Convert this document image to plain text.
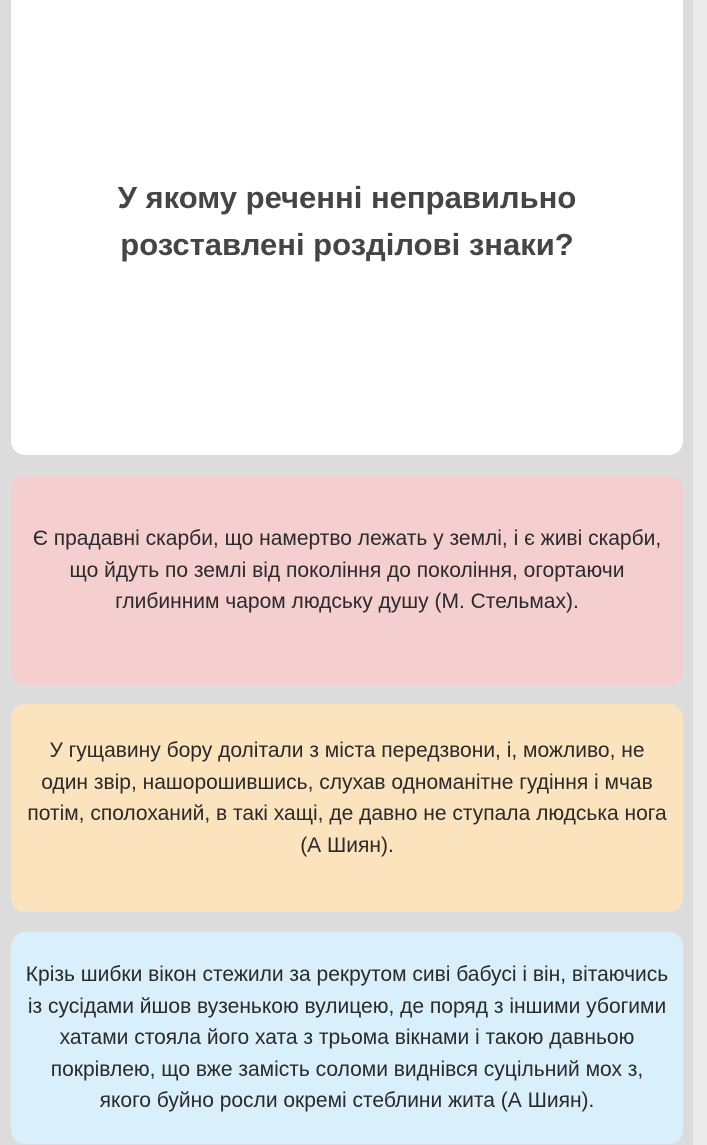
У якому реченні неправильно розставлені розділові знаки?

Є прадавні скарби, що намертво лежать у землі, і є живі скарби, що йдуть по землі від покоління до покоління, огортаючи глибинним чаром людську душу (М. Стельмах).

У гущавину бору долітали з міста передзвони, і, можливо, не один звір, нашорошившись, слухав одноманітне гудіння і мчав потім, сполоханий, в такі хащі, де давно не ступала людська нога (А Шиян).

Крізь шибки вікон стежили за рекрутом сиві бабусі і він, вітаючись із сусідами йшов вузенькою вулицею, де поряд з іншими убогими хатами стояла його хата з трьома вікнами і такою давньою покрівлею, що вже замість соломи виднівся суцільний мох з, якого буйно росли окремі стеблини жита (А Шиян).
